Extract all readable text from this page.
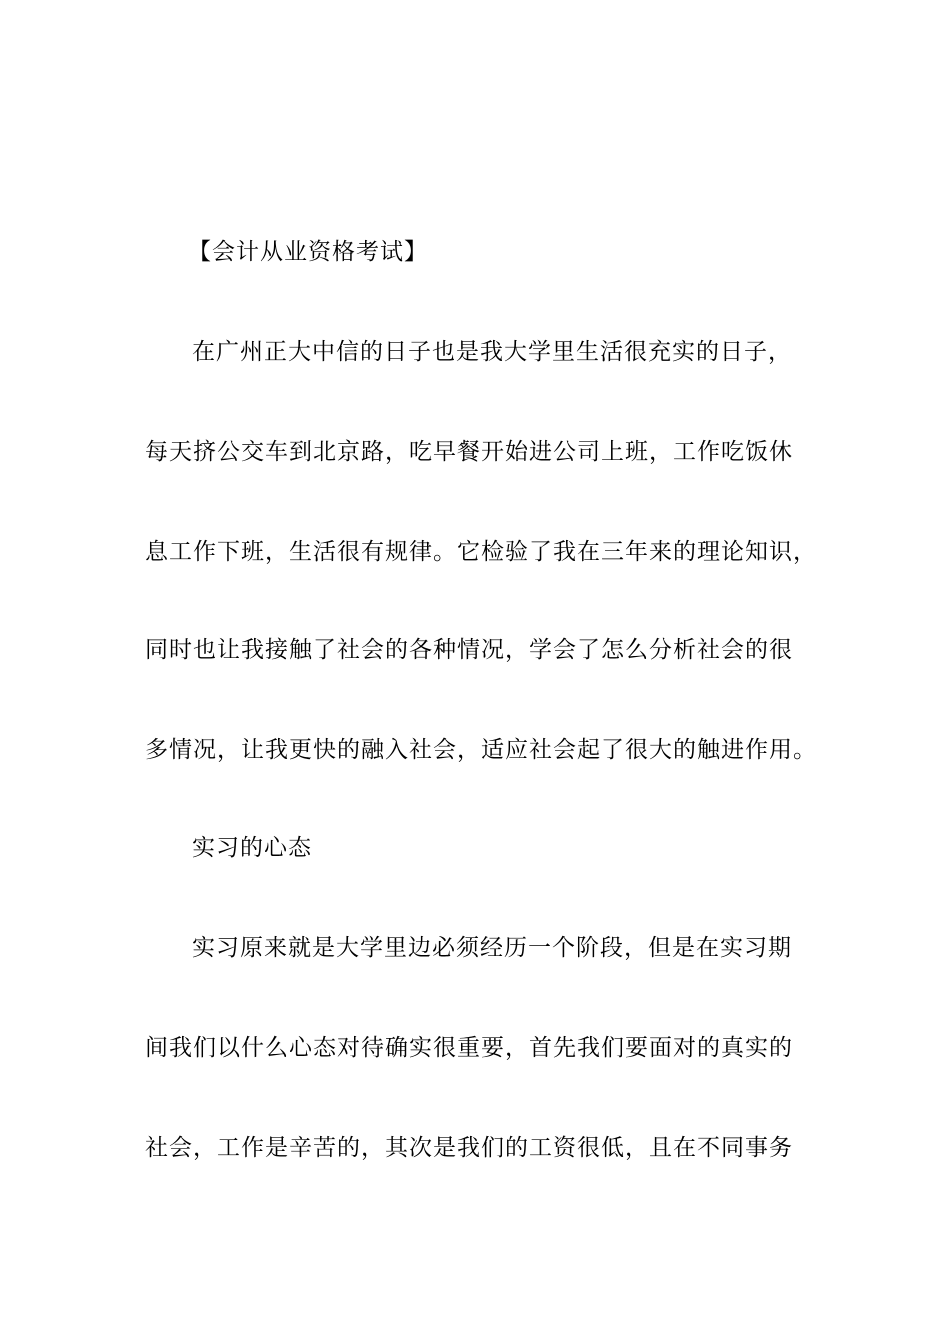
【会计从业资格考试】
在广州正大中信的日子也是我大学里生活很充实的日子，
每天挤公交车到北京路，吃早餐开始进公司上班，工作吃饭休
息工作下班，生活很有规律。它检验了我在三年来的理论知识，
同时也让我接触了社会的各种情况，学会了怎么分析社会的很
多情况，让我更快的融入社会，适应社会起了很大的触进作用。
实习的心态
实习原来就是大学里边必须经历一个阶段，但是在实习期
间我们以什么心态对待确实很重要，首先我们要面对的真实的
社会，工作是辛苦的，其次是我们的工资很低，且在不同事务
